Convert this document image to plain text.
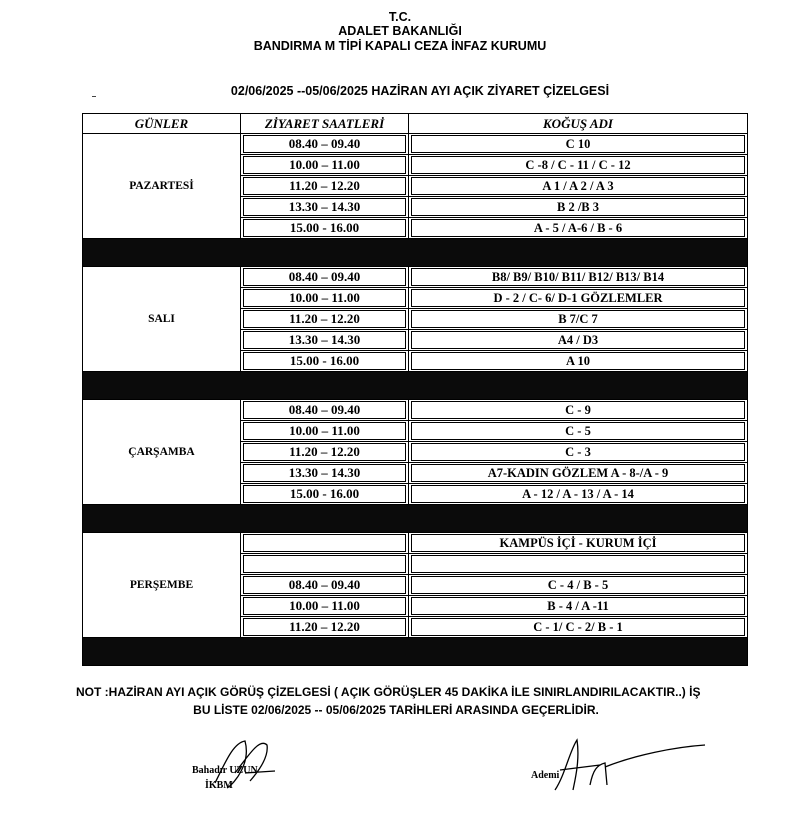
T.C.
ADALET BAKANLIĞI
BANDIRMA M TİPİ KAPALI CEZA İNFAZ KURUMU
02/06/2025 --05/06/2025 HAZİRAN AYI AÇIK ZİYARET ÇİZELGESİ
GÜNLER	ZİYARET SAATLERİ	KOĞUŞ ADI
PAZARTESİ	08.40 – 09.40	C 10

	10.00 – 11.00	C -8 / C - 11 / C - 12

	11.20 – 12.20	A 1 / A 2 / A 3

	13.30 – 14.30	B 2 /B 3

	15.00 - 16.00	A - 5 / A-6 / B - 6

SALI	08.40 – 09.40	B8/ B9/ B10/ B11/ B12/ B13/ B14

	10.00 – 11.00	D - 2 / C- 6/ D-1 GÖZLEMLER

	11.20 – 12.20	B 7/C 7

	13.30 – 14.30	A4 / D3

	15.00 - 16.00	A 10

ÇARŞAMBA	08.40 – 09.40	C - 9

	10.00 – 11.00	C - 5

	11.20 – 12.20	C - 3

	13.30 – 14.30	A7-KADIN GÖZLEM A - 8-/A - 9

	15.00 - 16.00	A - 12 / A - 13 / A - 14

PERŞEMBE		KAMPÜS İÇİ - KURUM İÇİ

	08.40 – 09.40	C - 4 / B - 5

	10.00 – 11.00	B - 4 / A -11

	11.20 – 12.20	C - 1/ C - 2/ B - 1

NOT :HAZİRAN AYI AÇIK GÖRÜŞ ÇİZELGESİ ( AÇIK GÖRÜŞLER 45 DAKİKA İLE SINIRLANDIRILACAKTIR..) İŞ
BU LİSTE 02/06/2025 -- 05/06/2025 TARİHLERİ ARASINDA GEÇERLİDİR.
Bahadır UZUN
İKBM
Ademi
